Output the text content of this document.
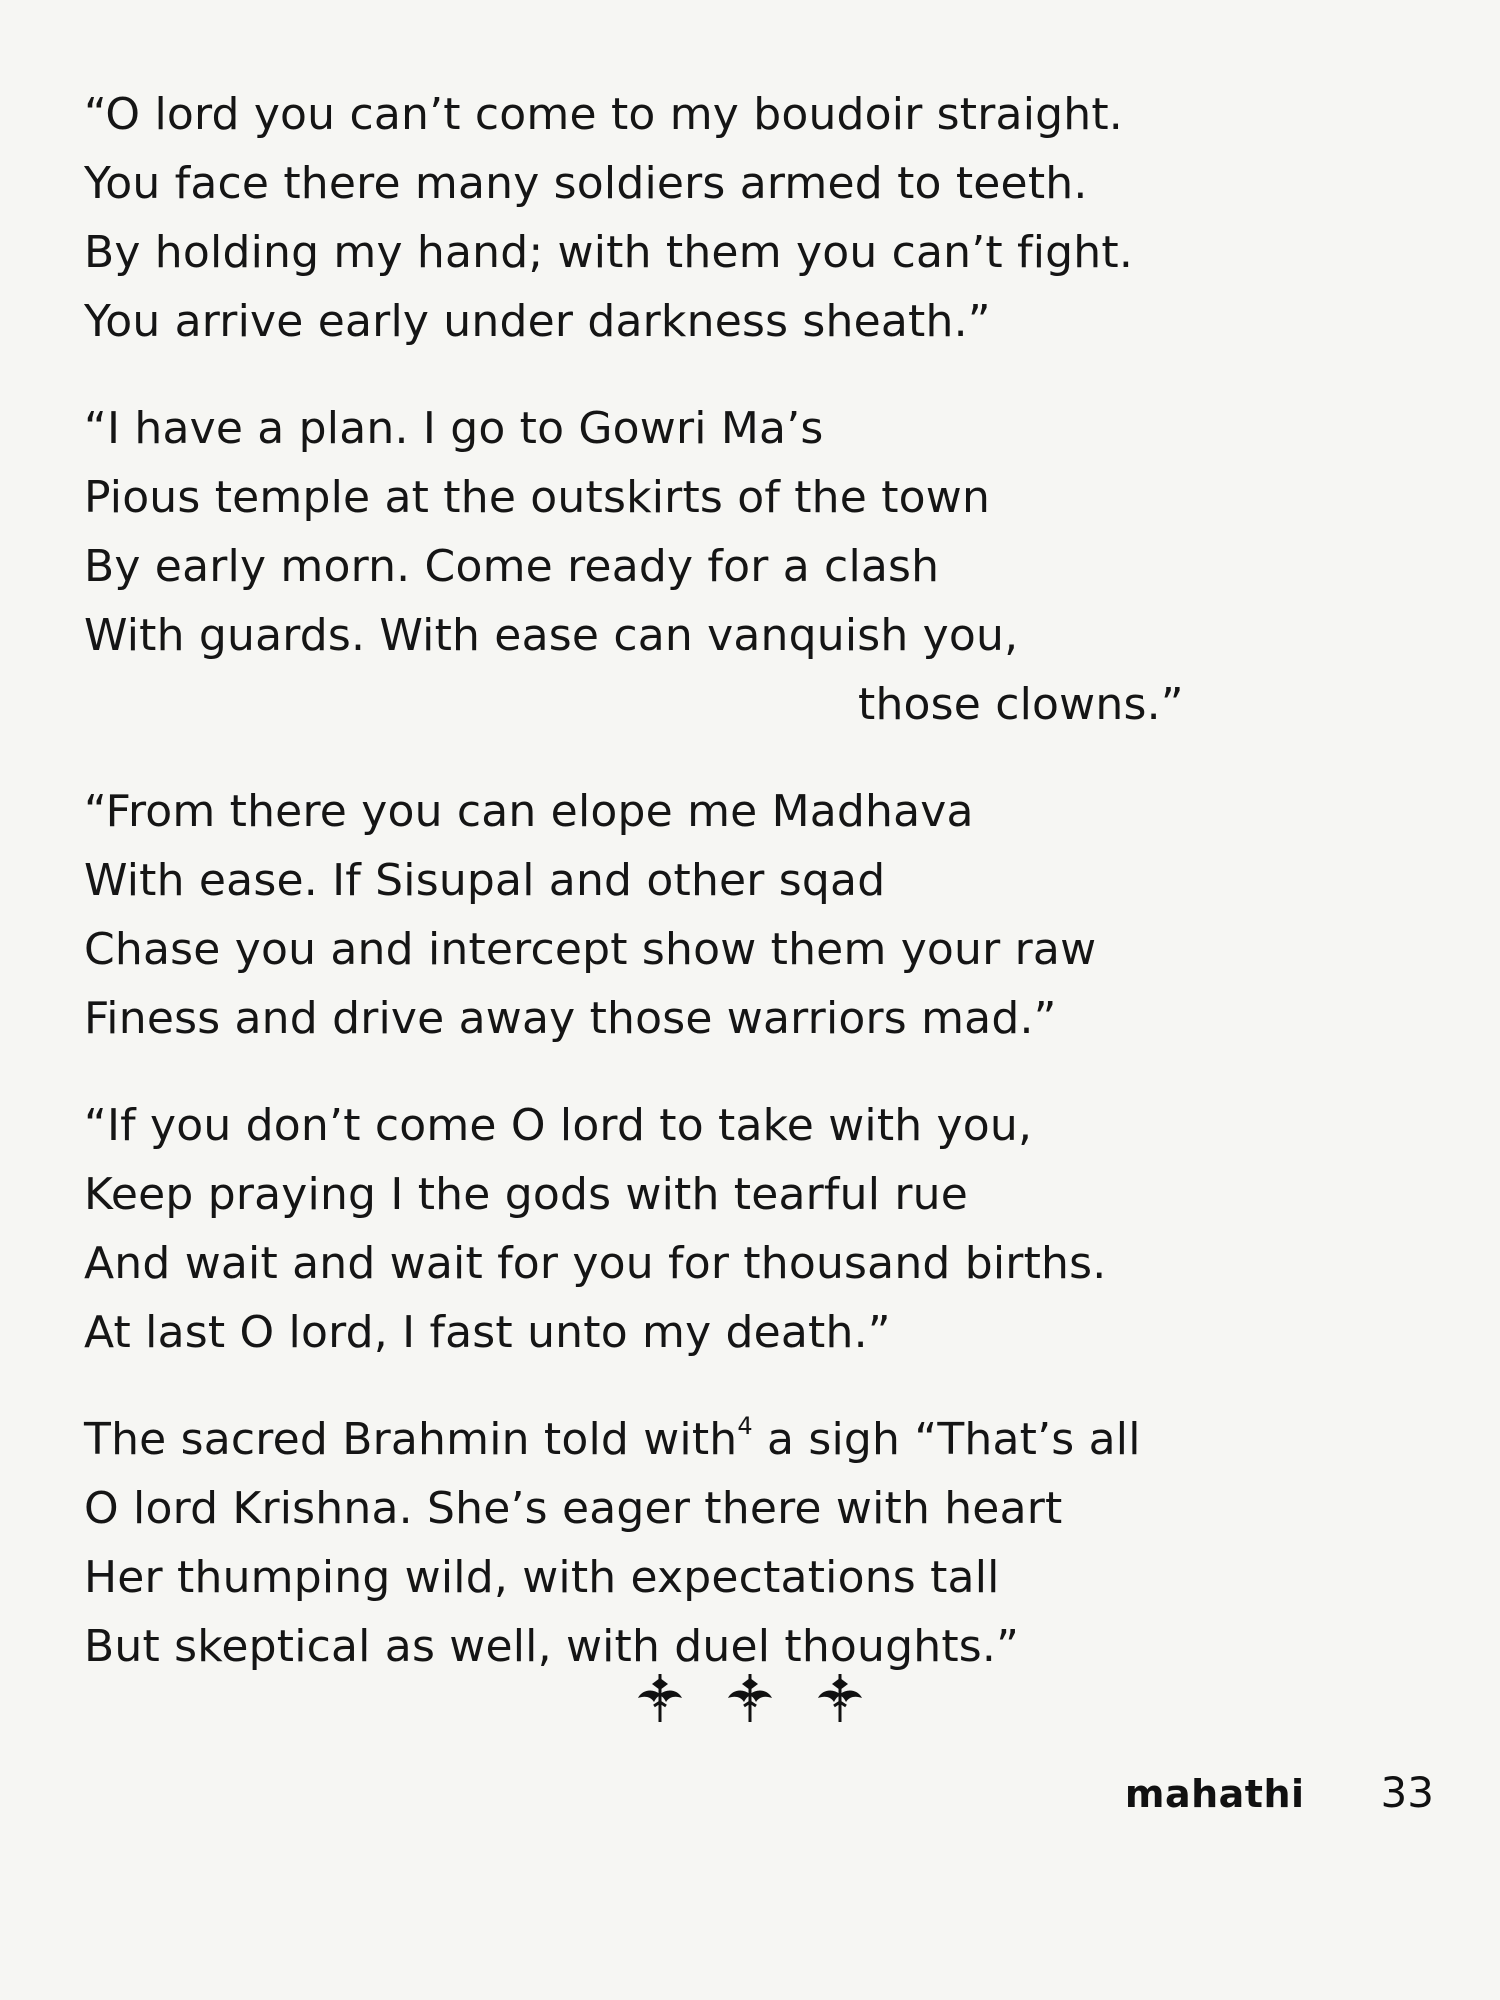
“O lord you can’t come to my boudoir straight.
You face there many soldiers armed to teeth.
By holding my hand; with them you can’t fight.
You arrive early under darkness sheath.”
“I have a plan. I go to Gowri Ma’s
Pious temple at the outskirts of the town
By early morn. Come ready for a clash
With guards. With ease can vanquish you,
those clowns.”
“From there you can elope me Madhava
With ease. If Sisupal and other sqad
Chase you and intercept show them your raw
Finess and drive away those warriors mad.”
“If you don’t come O lord to take with you,
Keep praying I the gods with tearful rue
And wait and wait for you for thousand births.
At last O lord, I fast unto my death.”
The sacred Brahmin told with$^4$ a sigh “That’s all
O lord Krishna. She’s eager there with heart
Her thumping wild, with expectations tall
But skeptical as well, with duel thoughts.”
mahathi 33
